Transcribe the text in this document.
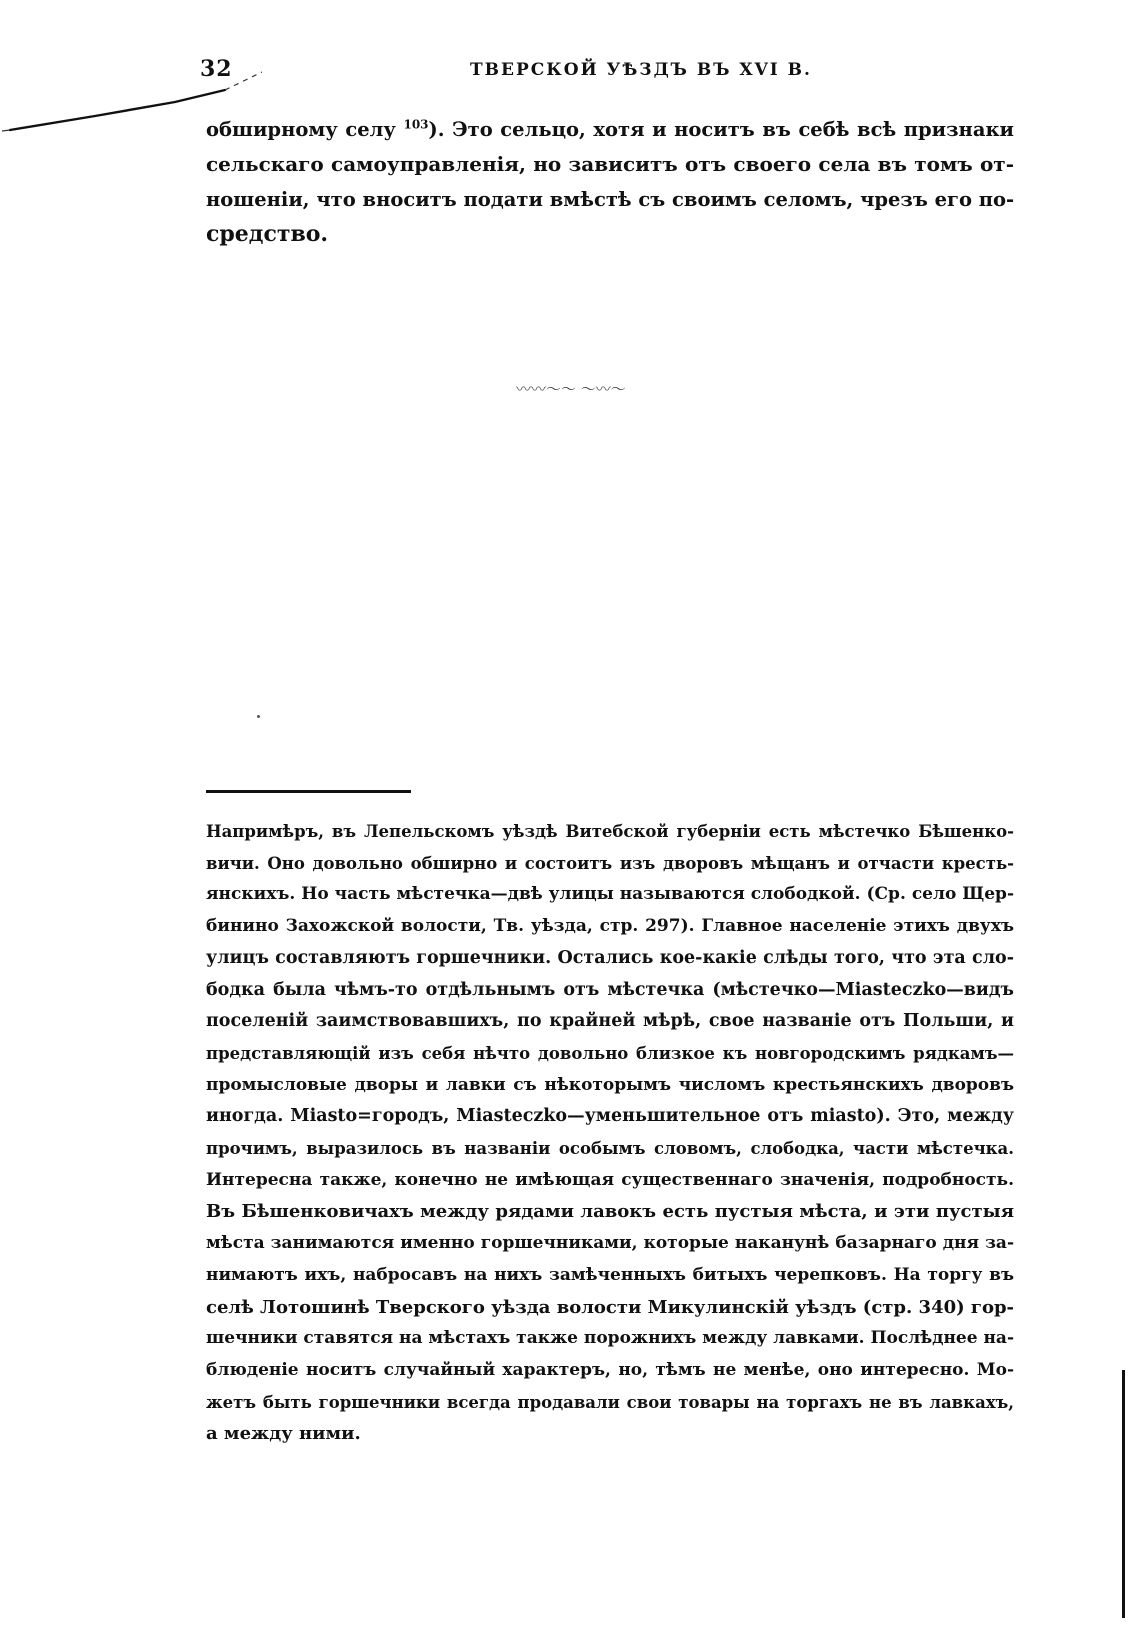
32	ТВЕРСКОЙ УѢЗДЪ ВЪ XVI В.
обширному селу $^{103}$). Это сельцо, хотя и носитъ въ себѣ всѣ признаки
сельскаго самоуправленія, но зависитъ отъ своего села въ томъ от-
ношеніи, что вноситъ подати вмѣстѣ съ своимъ селомъ, чрезъ его по-
средство.
〰〰〜〜 〜〰〜
Напримѣръ, въ Лепельскомъ уѣздѣ Витебской губерніи есть мѣстечко Бѣшенко-
вичи. Оно довольно обширно и состоитъ изъ дворовъ мѣщанъ и отчасти кресть-
янскихъ. Но часть мѣстечка—двѣ улицы называются слободкой. (Ср. село Щер-
бинино Захожской волости, Тв. уѣзда, стр. 297). Главное населеніе этихъ двухъ
улицъ составляютъ горшечники. Остались кое-какіе слѣды того, что эта сло-
бодка была чѣмъ-то отдѣльнымъ отъ мѣстечка (мѣстечко—Miasteczko—видъ
поселеній заимствовавшихъ, по крайней мѣрѣ, свое названіе отъ Польши, и
представляющій изъ себя нѣчто довольно близкое къ новгородскимъ рядкамъ—
промысловые дворы и лавки съ нѣкоторымъ числомъ крестьянскихъ дворовъ
иногда. Miasto=городъ, Miasteczko—уменьшительное отъ miasto). Это, между
прочимъ, выразилось въ названіи особымъ словомъ, слободка, части мѣстечка.
Интересна также, конечно не имѣющая существеннаго значенія, подробность.
Въ Бѣшенковичахъ между рядами лавокъ есть пустыя мѣста, и эти пустыя
мѣста занимаются именно горшечниками, которые наканунѣ базарнаго дня за-
нимаютъ ихъ, набросавъ на нихъ замѣченныхъ битыхъ черепковъ. На торгу въ
селѣ Лотошинѣ Тверского уѣзда волости Микулинскій уѣздъ (стр. 340) гор-
шечники ставятся на мѣстахъ также порожнихъ между лавками. Послѣднее на-
блюденіе носитъ случайный характеръ, но, тѣмъ не менѣе, оно интересно. Мо-
жетъ быть горшечники всегда продавали свои товары на торгахъ не въ лавкахъ,
а между ними.
